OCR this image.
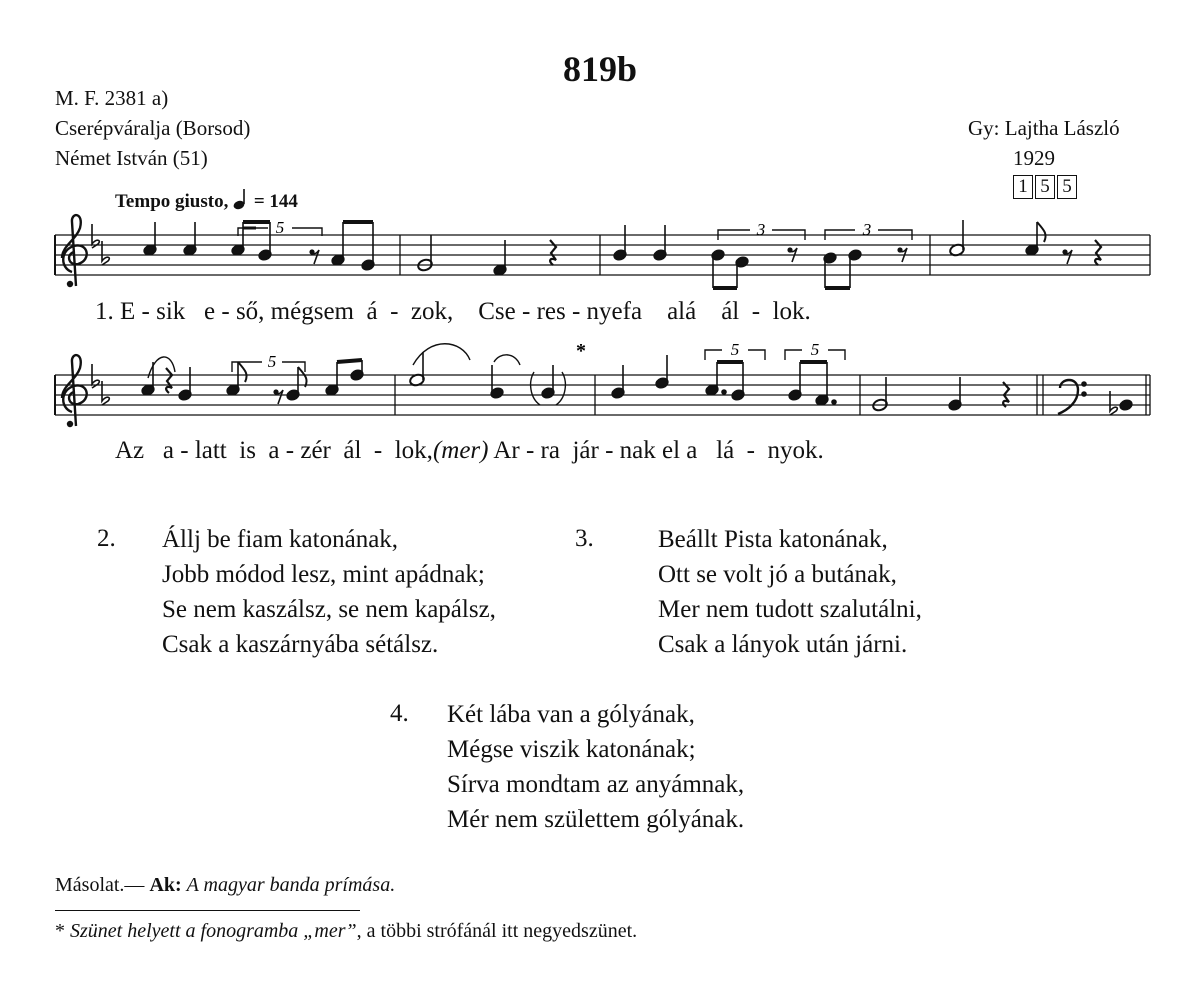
819b
M. F. 2381 a)
Cserépváralja (Borsod)
Német István (51)
Gy: Lajtha László
1929
1 5 5
Tempo giusto, = 144
5	3	3
5
5	5
*
1. E - sik   e - ső, mégsem  á  -  zok,    Cse - res - nyefa    alá    ál  -  lok.
Az   a - latt  is  a - zér  ál  -  lok,(mer) Ar - ra  jár - nak el a   lá  -  nyok.
2. Állj be fiam katonának,
Jobb módod lesz, mint apádnak;
Se nem kaszálsz, se nem kapálsz,
Csak a kaszárnyába sétálsz.
3.	Beállt Pista katonának,
Ott se volt jó a butának,
Mer nem tudott szalutálni,
Csak a lányok után járni.
4. Két lába van a gólyának,
Mégse viszik katonának;
Sírva mondtam az anyámnak,
Mér nem születtem gólyának.
Másolat.— Ak: A magyar banda prímása.
* Szünet helyett a fonogramba „mer”, a többi strófánál itt negyedszünet.
